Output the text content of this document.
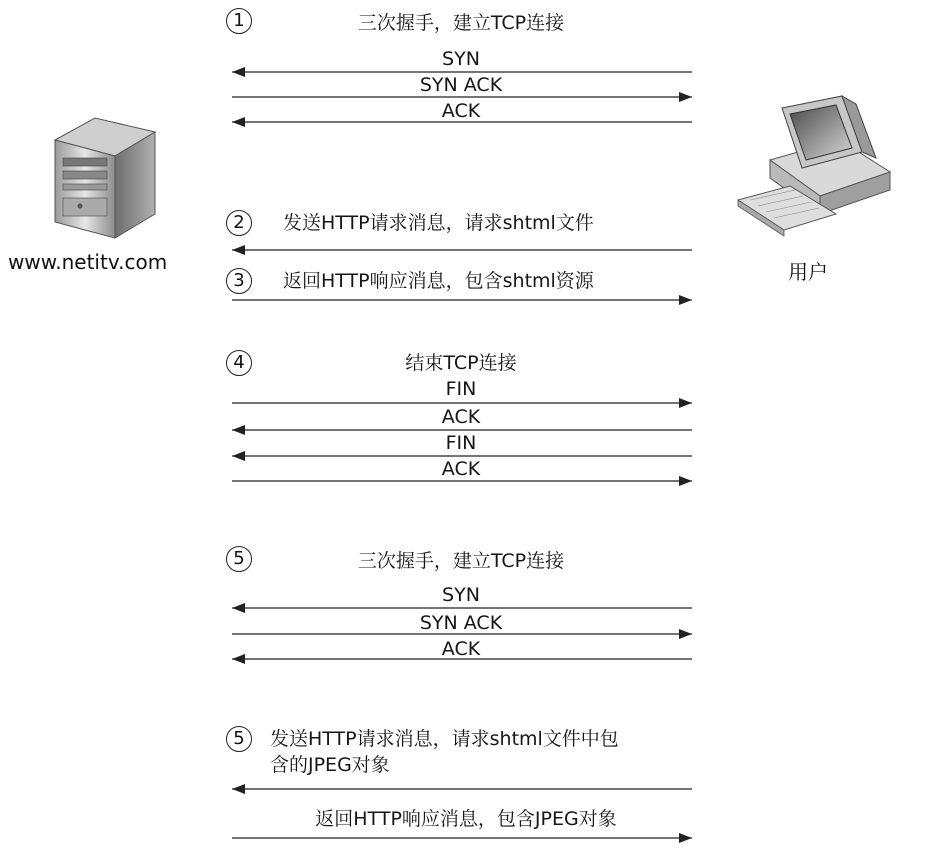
www.netitv.com	用户
1	三次握手，建立TCP连接
SYN
SYN ACK
ACK
2	发送HTTP请求消息，请求shtml文件
3	返回HTTP响应消息，包含shtml资源
4	结束TCP连接
FIN
ACK
FIN
ACK
5	三次握手，建立TCP连接
SYN
SYN ACK
ACK
5	发送HTTP请求消息，请求shtml文件中包
含的JPEG对象
返回HTTP响应消息，包含JPEG对象
